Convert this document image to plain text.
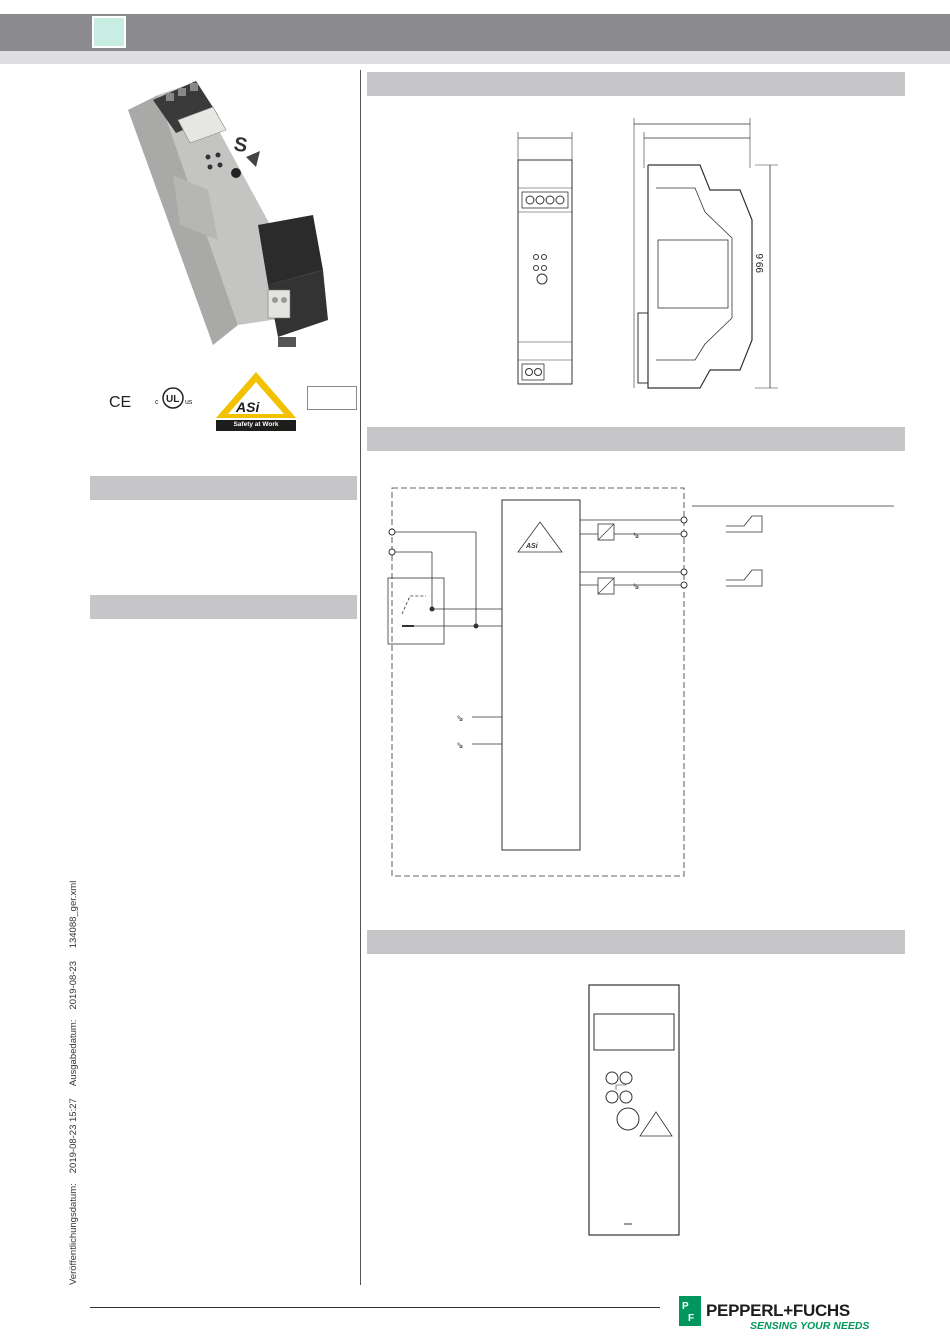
S
CE	c UL us	ASi
Safety at Work
99.6
ASi
⇘
⇘
⇘
⇘
Veröffentlichungsdatum:2019-08-23 15:27 Ausgabedatum:2019-08-23 134088_ger.xml
P
F PEPPERL+FUCHS
SENSING YOUR NEEDS
